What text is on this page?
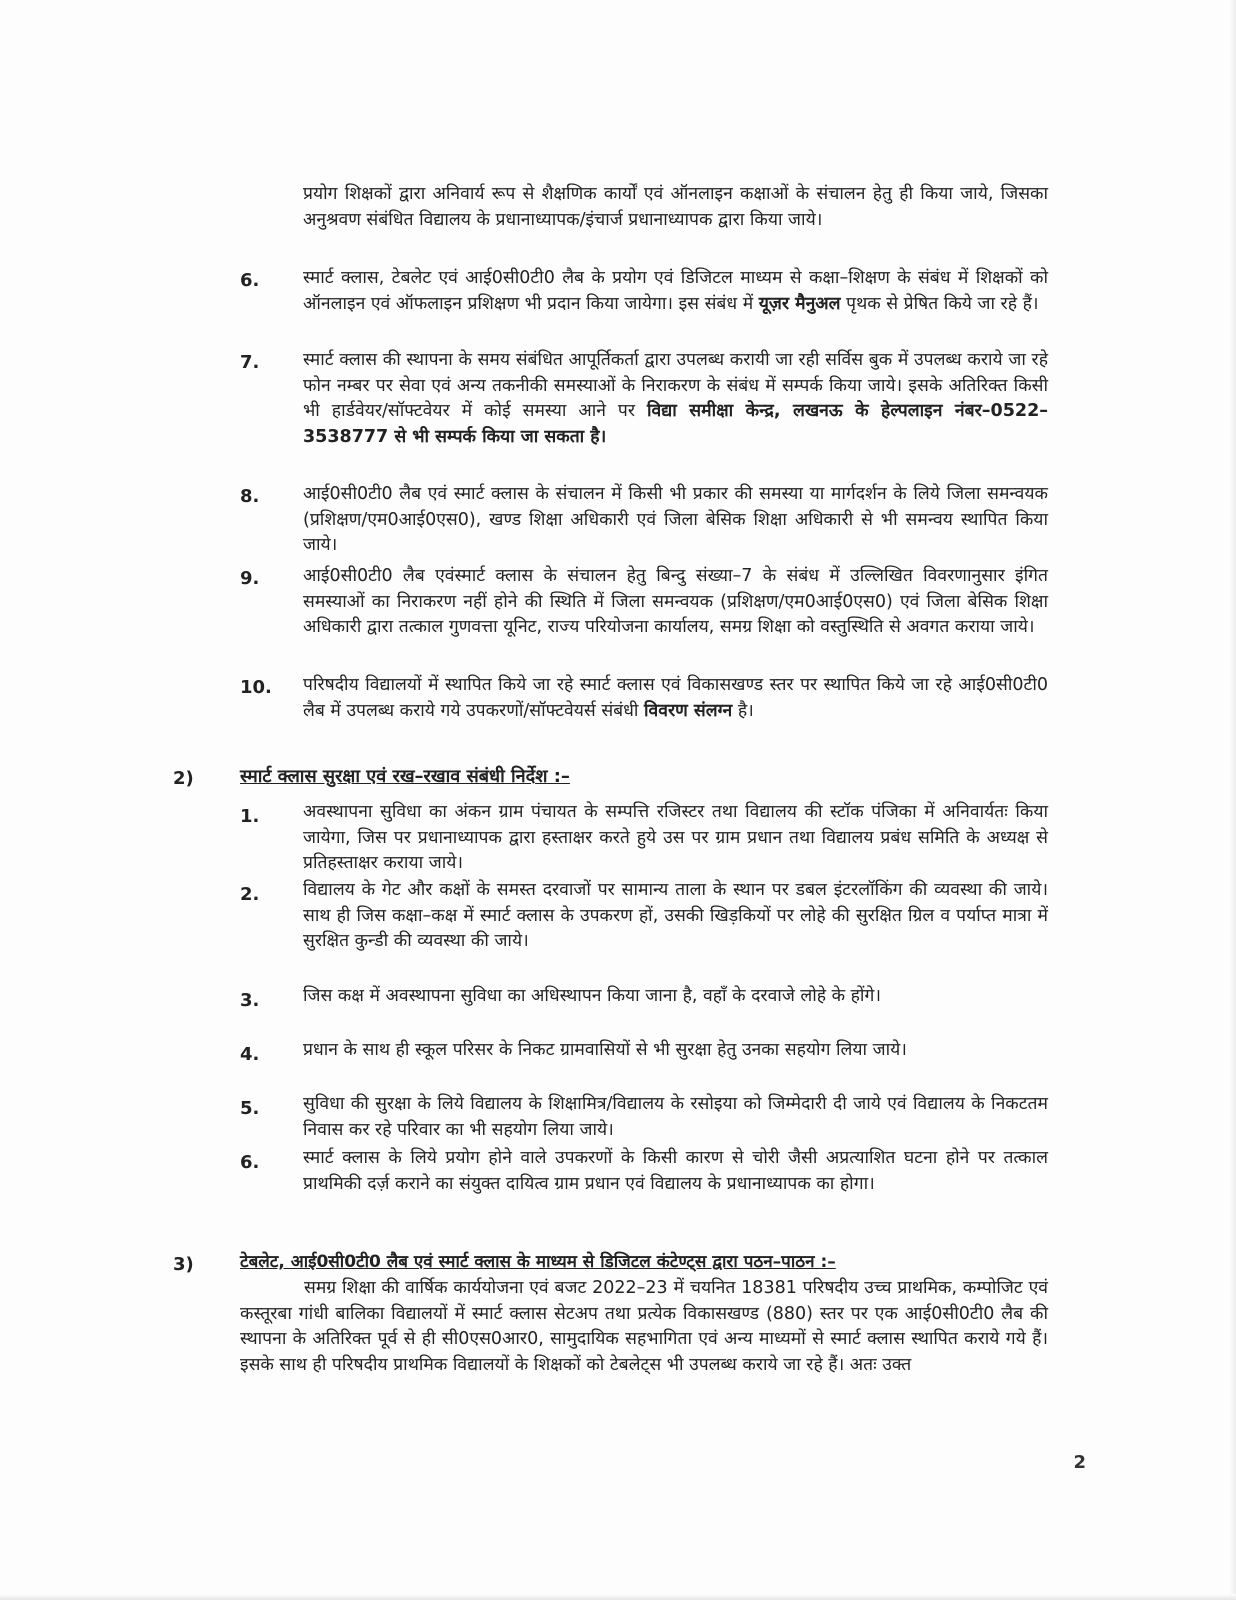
प्रयोग शिक्षकों द्वारा अनिवार्य रूप से शैक्षणिक कार्यों एवं ऑनलाइन कक्षाओं के संचालन हेतु ही किया जाये, जिसका अनुश्रवण संबंधित विद्यालय के प्रधानाध्यापक/इंचार्ज प्रधानाध्यापक द्वारा किया जाये।
6. स्मार्ट क्लास, टेबलेट एवं आई0सी0टी0 लैब के प्रयोग एवं डिजिटल माध्यम से कक्षा–शिक्षण के संबंध में शिक्षकों को ऑनलाइन एवं ऑफलाइन प्रशिक्षण भी प्रदान किया जायेगा। इस संबंध में यूज़र मैनुअल पृथक से प्रेषित किये जा रहे हैं।
7. स्मार्ट क्लास की स्थापना के समय संबंधित आपूर्तिकर्ता द्वारा उपलब्ध करायी जा रही सर्विस बुक में उपलब्ध कराये जा रहे फोन नम्बर पर सेवा एवं अन्य तकनीकी समस्याओं के निराकरण के संबंध में सम्पर्क किया जाये। इसके अतिरिक्त किसी भी हार्डवेयर/सॉफ्टवेयर में कोई समस्या आने पर विद्या समीक्षा केन्द्र, लखनऊ के हेल्पलाइन नंबर–0522–3538777 से भी सम्पर्क किया जा सकता है।
8. आई0सी0टी0 लैब एवं स्मार्ट क्लास के संचालन में किसी भी प्रकार की समस्या या मार्गदर्शन के लिये जिला समन्वयक (प्रशिक्षण/एम0आई0एस0), खण्ड शिक्षा अधिकारी एवं जिला बेसिक शिक्षा अधिकारी से भी समन्वय स्थापित किया जाये।
9. आई0सी0टी0 लैब एवंस्मार्ट क्लास के संचालन हेतु बिन्दु संख्या–7 के संबंध में उल्लिखित विवरणानुसार इंगित समस्याओं का निराकरण नहीं होने की स्थिति में जिला समन्वयक (प्रशिक्षण/एम0आई0एस0) एवं जिला बेसिक शिक्षा अधिकारी द्वारा तत्काल गुणवत्ता यूनिट, राज्य परियोजना कार्यालय, समग्र शिक्षा को वस्तुस्थिति से अवगत कराया जाये।
10. परिषदीय विद्यालयों में स्थापित किये जा रहे स्मार्ट क्लास एवं विकासखण्ड स्तर पर स्थापित किये जा रहे आई0सी0टी0 लैब में उपलब्ध कराये गये उपकरणों/सॉफ्टवेयर्स संबंधी विवरण संलग्न है।
2)	स्मार्ट क्लास सुरक्षा एवं रख–रखाव संबंधी निर्देश :–
1. अवस्थापना सुविधा का अंकन ग्राम पंचायत के सम्पत्ति रजिस्टर तथा विद्यालय की स्टॉक पंजिका में अनिवार्यतः किया जायेगा, जिस पर प्रधानाध्यापक द्वारा हस्ताक्षर करते हुये उस पर ग्राम प्रधान तथा विद्यालय प्रबंध समिति के अध्यक्ष से प्रतिहस्ताक्षर कराया जाये।
2. विद्यालय के गेट और कक्षों के समस्त दरवाजों पर सामान्य ताला के स्थान पर डबल इंटरलॉकिंग की व्यवस्था की जाये। साथ ही जिस कक्षा–कक्ष में स्मार्ट क्लास के उपकरण हों, उसकी खिड़कियों पर लोहे की सुरक्षित ग्रिल व पर्याप्त मात्रा में सुरक्षित कुन्डी की व्यवस्था की जाये।
3. जिस कक्ष में अवस्थापना सुविधा का अधिस्थापन किया जाना है, वहाँ के दरवाजे लोहे के होंगे।
4. प्रधान के साथ ही स्कूल परिसर के निकट ग्रामवासियों से भी सुरक्षा हेतु उनका सहयोग लिया जाये।
5. सुविधा की सुरक्षा के लिये विद्यालय के शिक्षामित्र/विद्यालय के रसोइया को जिम्मेदारी दी जाये एवं विद्यालय के निकटतम निवास कर रहे परिवार का भी सहयोग लिया जाये।
6. स्मार्ट क्लास के लिये प्रयोग होने वाले उपकरणों के किसी कारण से चोरी जैसी अप्रत्याशित घटना होने पर तत्काल प्राथमिकी दर्ज़ कराने का संयुक्त दायित्व ग्राम प्रधान एवं विद्यालय के प्रधानाध्यापक का होगा।
3)	टेबलेट, आई0सी0टी0 लैब एवं स्मार्ट क्लास के माध्यम से डिजिटल कंटेण्ट्स द्वारा पठन–पाठन :–
समग्र शिक्षा की वार्षिक कार्ययोजना एवं बजट 2022–23 में चयनित 18381 परिषदीय उच्च प्राथमिक, कम्पोजिट एवं कस्तूरबा गांधी बालिका विद्यालयों में स्मार्ट क्लास सेटअप तथा प्रत्येक विकासखण्ड (880) स्तर पर एक आई0सी0टी0 लैब की स्थापना के अतिरिक्त पूर्व से ही सी0एस0आर0, सामुदायिक सहभागिता एवं अन्य माध्यमों से स्मार्ट क्लास स्थापित कराये गये हैं। इसके साथ ही परिषदीय प्राथमिक विद्यालयों के शिक्षकों को टेबलेट्स भी उपलब्ध कराये जा रहे हैं। अतः उक्त
2
